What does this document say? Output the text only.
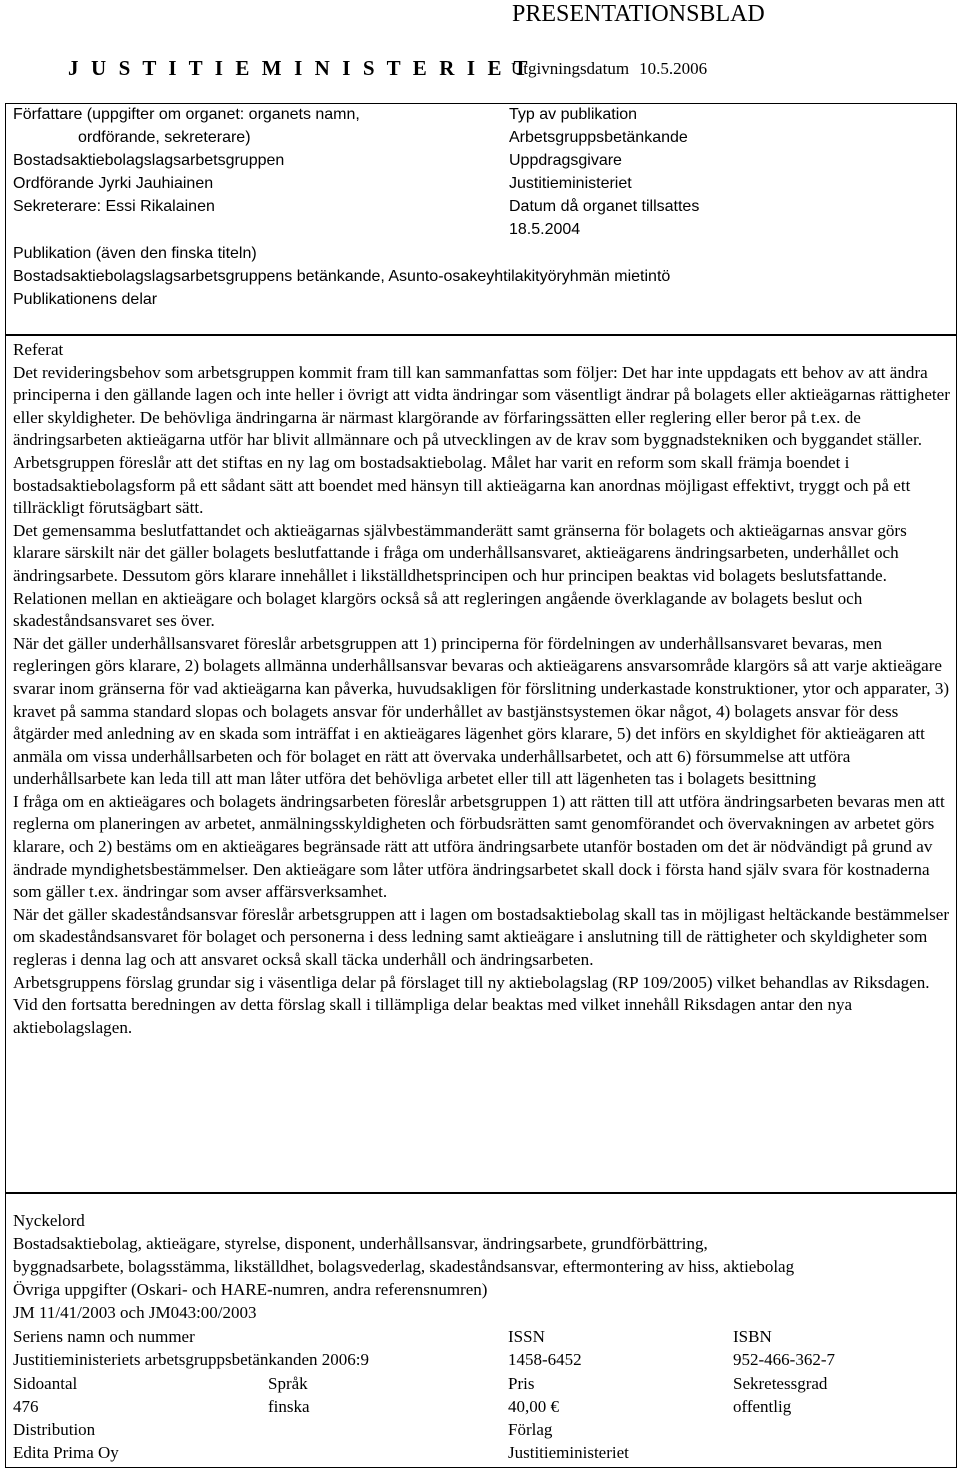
PRESENTATIONSBLAD
J U S T I T I E M I N I S T E R I E T
Utgivningsdatum 10.5.2006
Författare (uppgifter om organet: organets namn,
ordförande, sekreterare)
Bostadsaktiebolagslagsarbetsgruppen
Ordförande Jyrki Jauhiainen
Sekreterare: Essi Rikalainen
Typ av publikation
Arbetsgruppsbetänkande
Uppdragsgivare
Justitieministeriet
Datum då organet tillsattes
18.5.2004
Publikation (även den finska titeln)
Bostadsaktiebolagslagsarbetsgruppens betänkande, Asunto-osakeyhtilakityöryhmän mietintö
Publikationens delar

Referat

Det revideringsbehov som arbetsgruppen kommit fram till kan sammanfattas som följer: Det har inte uppdagats ett behov av att ändra principerna i den gällande lagen och inte heller i övrigt att vidta ändringar som väsentligt ändrar på bolagets eller aktieägarnas rättigheter eller skyldigheter. De behövliga ändringarna är närmast klargörande av förfaringssätten eller reglering eller beror på t.ex. de ändringsarbeten aktieägarna utför har blivit allmännare och på utvecklingen av de krav som byggnadstekniken och byggandet ställer.

Arbetsgruppen föreslår att det stiftas en ny lag om bostadsaktiebolag. Målet har varit en reform som skall främja boendet i bostadsaktiebolagsform på ett sådant sätt att boendet med hänsyn till aktieägarna kan anordnas möjligast effektivt, tryggt och på ett tillräckligt förutsägbart sätt.

Det gemensamma beslutfattandet och aktieägarnas självbestämmanderätt samt gränserna för bolagets och aktieägarnas ansvar görs klarare särskilt när det gäller bolagets beslutfattande i fråga om underhållsansvaret, aktieägarens ändringsarbeten, underhållet och ändringsarbete. Dessutom görs klarare innehållet i likställdhetsprincipen och hur principen beaktas vid bolagets beslutsfattande. Relationen mellan en aktieägare och bolaget klargörs också så att regleringen angående överklagande av bolagets beslut och skadeståndsansvaret ses över.

När det gäller underhållsansvaret föreslår arbetsgruppen att 1) principerna för fördelningen av underhållsansvaret bevaras, men regleringen görs klarare, 2) bolagets allmänna underhållsansvar bevaras och aktieägarens ansvarsområde klargörs så att varje aktieägare svarar inom gränserna för vad aktieägarna kan påverka, huvudsakligen för förslitning underkastade konstruktioner, ytor och apparater, 3) kravet på samma standard slopas och bolagets ansvar för underhållet av bastjänstsystemen ökar något, 4) bolagets ansvar för dess åtgärder med anledning av en skada som inträffat i en aktieägares lägenhet görs klarare, 5) det införs en skyldighet för aktieägaren att anmäla om vissa underhållsarbeten och för bolaget en rätt att övervaka underhållsarbetet, och att 6) försummelse att utföra underhållsarbete kan leda till att man låter utföra det behövliga arbetet eller till att lägenheten tas i bolagets besittning

I fråga om en aktieägares och bolagets ändringsarbeten föreslår arbetsgruppen 1) att rätten till att utföra ändringsarbeten bevaras men att reglerna om planeringen av arbetet, anmälningsskyldigheten och förbudsrätten samt genomförandet och övervakningen av arbetet görs klarare, och 2) bestäms om en aktieägares begränsade rätt att utföra ändringsarbete utanför bostaden om det är nödvändigt på grund av ändrade myndighetsbestämmelser. Den aktieägare som låter utföra ändringsarbetet skall dock i första hand själv svara för kostnaderna som gäller t.ex. ändringar som avser affärsverksamhet.

När det gäller skadeståndsansvar föreslår arbetsgruppen att i lagen om bostadsaktiebolag skall tas in möjligast heltäckande bestämmelser om skadeståndsansvaret för bolaget och personerna i dess ledning samt aktieägare i anslutning till de rättigheter och skyldigheter som regleras i denna lag och att ansvaret också skall täcka underhåll och ändringsarbeten.

Arbetsgruppens förslag grundar sig i väsentliga delar på förslaget till ny aktiebolagslag (RP 109/2005) vilket behandlas av Riksdagen. Vid den fortsatta beredningen av detta förslag skall i tillämpliga delar beaktas med vilket innehåll Riksdagen antar den nya aktiebolagslagen.

Nyckelord
Bostadsaktiebolag, aktieägare, styrelse, disponent, underhållsansvar, ändringsarbete, grundförbättring,
byggnadsarbete, bolagsstämma, likställdhet, bolagsvederlag, skadeståndsansvar, eftermontering av hiss, aktiebolag
Övriga uppgifter (Oskari- och HARE-numren, andra referensnumren)
JM 11/41/2003 och JM043:00/2003
Seriens namn och nummer
Justitieministeriets arbetsgruppsbetänkanden 2006:9
ISSN
1458-6452
ISBN
952-466-362-7
Sidoantal
476
Språk
finska
Pris
40,00 €
Sekretessgrad
offentlig
Distribution
Edita Prima Oy
Förlag
Justitieministeriet
